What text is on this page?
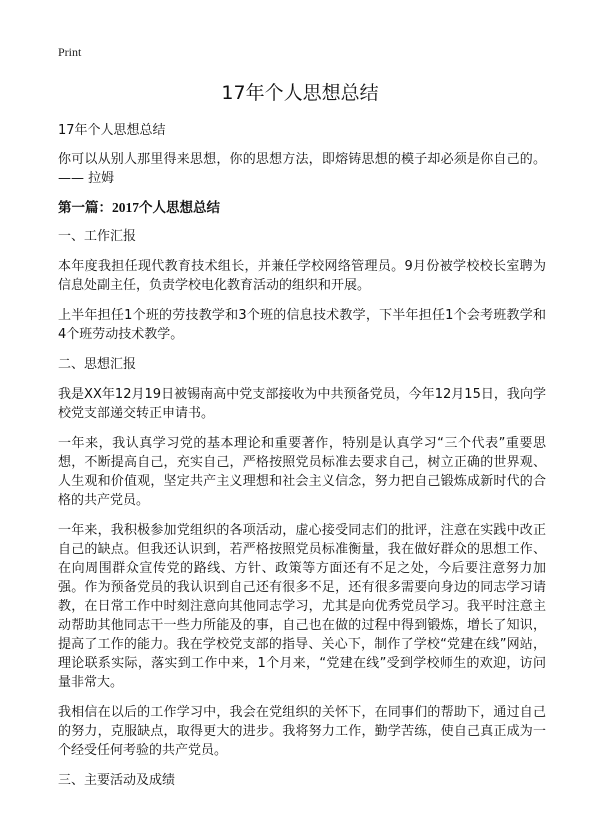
Print
17年个人思想总结

17年个人思想总结

你可以从别人那里得来思想，你的思想方法，即熔铸思想的模子却必须是你自己的。 —— 拉姆

第一篇：2017个人思想总结

一、工作汇报

本年度我担任现代教育技术组长，并兼任学校网络管理员。9月份被学校校长室聘为信息处副主任，负责学校电化教育活动的组织和开展。

上半年担任1个班的劳技教学和3个班的信息技术教学，下半年担任1个会考班教学和4个班劳动技术教学。

二、思想汇报

我是XX年12月19日被锡南高中党支部接收为中共预备党员，今年12月15日，我向学校党支部递交转正申请书。

一年来，我认真学习党的基本理论和重要著作，特别是认真学习“三个代表”重要思想，不断提高自己，充实自己，严格按照党员标准去要求自己，树立正确的世界观、人生观和价值观，坚定共产主义理想和社会主义信念，努力把自己锻炼成新时代的合格的共产党员。

一年来，我积极参加党组织的各项活动，虚心接受同志们的批评，注意在实践中改正自己的缺点。但我还认识到，若严格按照党员标准衡量，我在做好群众的思想工作、在向周围群众宣传党的路线、方针、政策等方面还有不足之处，今后要注意努力加强。作为预备党员的我认识到自己还有很多不足，还有很多需要向身边的同志学习请教，在日常工作中时刻注意向其他同志学习，尤其是向优秀党员学习。我平时注意主动帮助其他同志干一些力所能及的事，自己也在做的过程中得到锻炼，增长了知识，提高了工作的能力。我在学校党支部的指导、关心下，制作了学校“党建在线”网站，理论联系实际，落实到工作中来，1个月来，“党建在线”受到学校师生的欢迎，访问量非常大。

我相信在以后的工作学习中，我会在党组织的关怀下，在同事们的帮助下，通过自己的努力，克服缺点，取得更大的进步。我将努力工作，勤学苦练，使自己真正成为一个经受任何考验的共产党员。

三、主要活动及成绩
